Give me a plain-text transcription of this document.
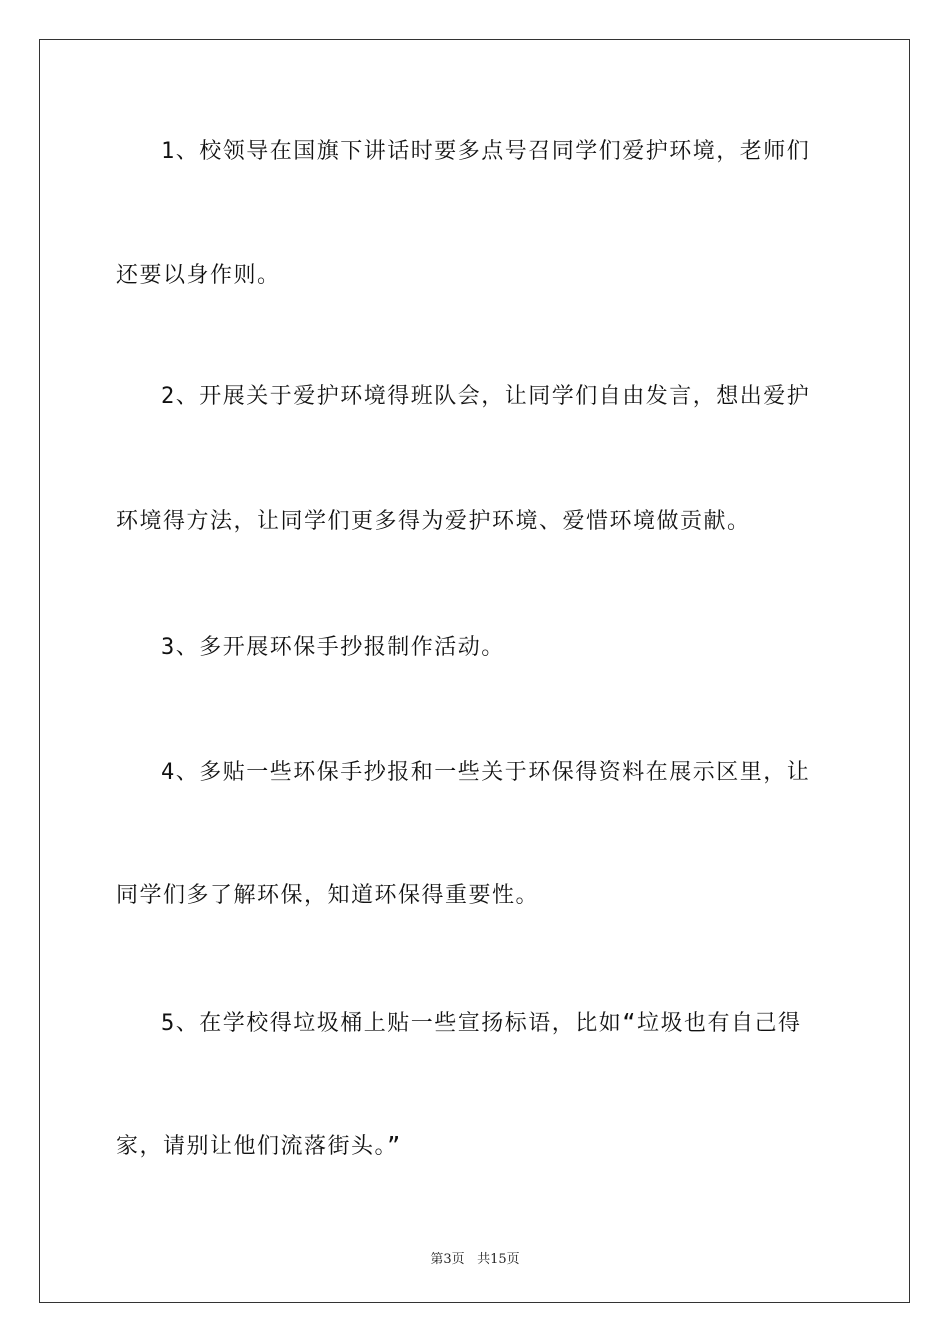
1、校领导在国旗下讲话时要多点号召同学们爱护环境，老师们
还要以身作则。
2、开展关于爱护环境得班队会，让同学们自由发言，想出爱护
环境得方法，让同学们更多得为爱护环境、爱惜环境做贡献。
3、多开展环保手抄报制作活动。
4、多贴一些环保手抄报和一些关于环保得资料在展示区里，让
同学们多了解环保，知道环保得重要性。
5、在学校得垃圾桶上贴一些宣扬标语，比如“垃圾也有自己得
家，请别让他们流落街头。”
第3页 共15页
